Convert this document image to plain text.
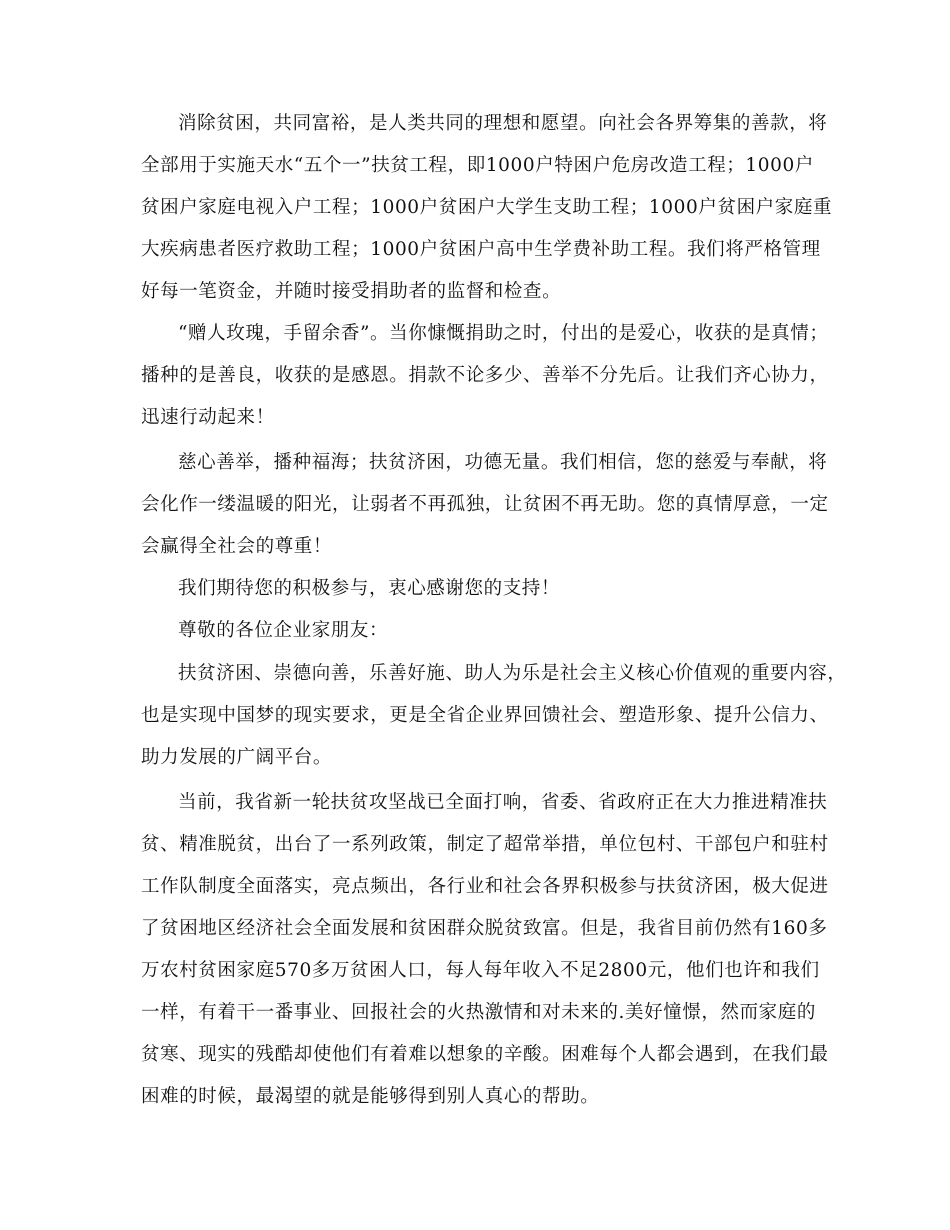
消除贫困，共同富裕，是人类共同的理想和愿望。向社会各界筹集的善款，将

全部用于实施天水“五个一”扶贫工程，即1000户特困户危房改造工程；1000户

贫困户家庭电视入户工程；1000户贫困户大学生支助工程；1000户贫困户家庭重

大疾病患者医疗救助工程；1000户贫困户高中生学费补助工程。我们将严格管理

好每一笔资金，并随时接受捐助者的监督和检查。

“赠人玫瑰，手留余香”。当你慷慨捐助之时，付出的是爱心，收获的是真情；

播种的是善良，收获的是感恩。捐款不论多少、善举不分先后。让我们齐心协力，

迅速行动起来！

慈心善举，播种福海；扶贫济困，功德无量。我们相信，您的慈爱与奉献，将

会化作一缕温暖的阳光，让弱者不再孤独，让贫困不再无助。您的真情厚意，一定

会赢得全社会的尊重！

我们期待您的积极参与，衷心感谢您的支持！

尊敬的各位企业家朋友：

扶贫济困、崇德向善，乐善好施、助人为乐是社会主义核心价值观的重要内容，

也是实现中国梦的现实要求，更是全省企业界回馈社会、塑造形象、提升公信力、

助力发展的广阔平台。

当前，我省新一轮扶贫攻坚战已全面打响，省委、省政府正在大力推进精准扶

贫、精准脱贫，出台了一系列政策，制定了超常举措，单位包村、干部包户和驻村

工作队制度全面落实，亮点频出，各行业和社会各界积极参与扶贫济困，极大促进

了贫困地区经济社会全面发展和贫困群众脱贫致富。但是，我省目前仍然有160多

万农村贫困家庭570多万贫困人口，每人每年收入不足2800元，他们也许和我们

一样，有着干一番事业、回报社会的火热激情和对未来的.美好憧憬，然而家庭的

贫寒、现实的残酷却使他们有着难以想象的辛酸。困难每个人都会遇到，在我们最

困难的时候，最渴望的就是能够得到别人真心的帮助。
